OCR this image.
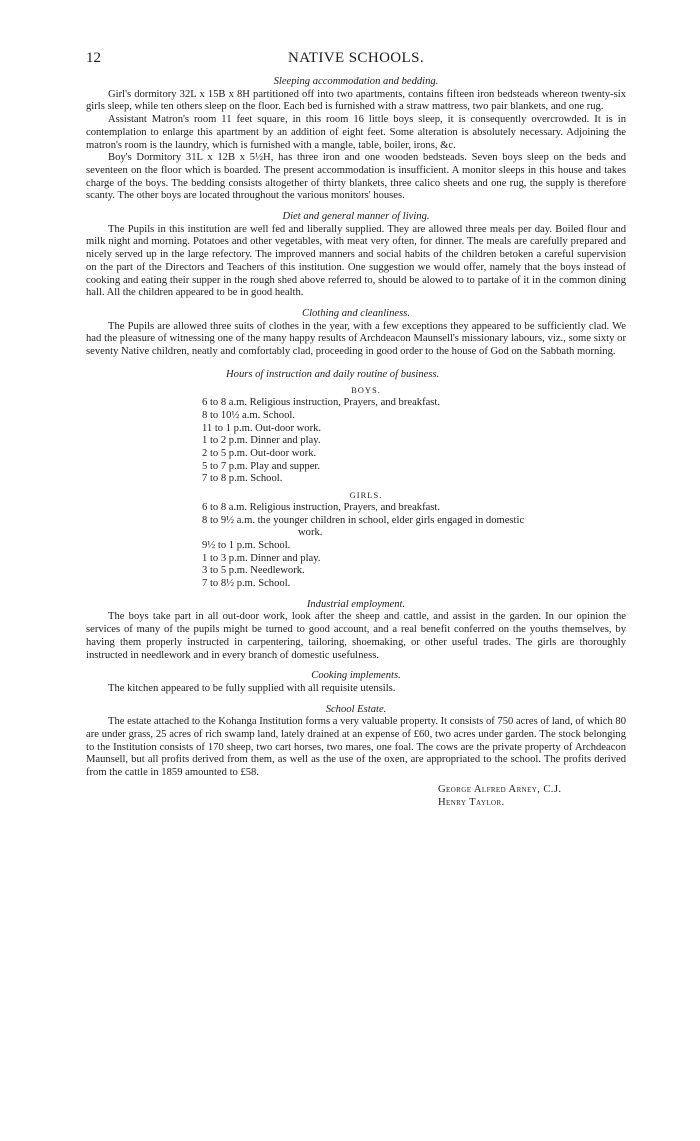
12	NATIVE SCHOOLS.

Sleeping accommodation and bedding.

Girl's dormitory 32L x 15B x 8H partitioned off into two apartments, contains fifteen iron bedsteads whereon twenty-six girls sleep, while ten others sleep on the floor. Each bed is furnished with a straw mattress, two pair blankets, and one rug.

Assistant Matron's room 11 feet square, in this room 16 little boys sleep, it is consequently overcrowded. It is in contemplation to enlarge this apartment by an addition of eight feet. Some alteration is absolutely necessary. Adjoining the matron's room is the laundry, which is furnished with a mangle, table, boiler, irons, &c.

Boy's Dormitory 31L x 12B x 5½H, has three iron and one wooden bedsteads. Seven boys sleep on the beds and seventeen on the floor which is boarded. The present accommodation is insufficient. A monitor sleeps in this house and takes charge of the boys. The bedding consists altogether of thirty blankets, three calico sheets and one rug, the supply is therefore scanty. The other boys are located throughout the various monitors' houses.

Diet and general manner of living.

The Pupils in this institution are well fed and liberally supplied. They are allowed three meals per day. Boiled flour and milk night and morning. Potatoes and other vegetables, with meat very often, for dinner. The meals are carefully prepared and nicely served up in the large refectory. The improved manners and social habits of the children betoken a careful supervision on the part of the Directors and Teachers of this institution. One suggestion we would offer, namely that the boys instead of cooking and eating their supper in the rough shed above referred to, should be alowed to to partake of it in the common dining hall. All the children appeared to be in good health.

Clothing and cleanliness.

The Pupils are allowed three suits of clothes in the year, with a few exceptions they appeared to be sufficiently clad. We had the pleasure of witnessing one of the many happy results of Archdeacon Maunsell's missionary labours, viz., some sixty or seventy Native children, neatly and comfortably clad, proceeding in good order to the house of God on the Sabbath morning.

Hours of instruction and daily routine of business.
BOYS.
6 to 8 a.m. Religious instruction, Prayers, and breakfast.
8 to 10½ a.m. School.
11 to 1 p.m. Out-door work.
1 to 2 p.m. Dinner and play.
2 to 5 p.m. Out-door work.
5 to 7 p.m. Play and supper.
7 to 8 p.m. School.
GIRLS.
6 to 8 a.m. Religious instruction, Prayers, and breakfast.
8 to 9½ a.m. the younger children in school, elder girls engaged in domestic
work.
9½ to 1 p.m. School.
1 to 3 p.m. Dinner and play.
3 to 5 p.m. Needlework.
7 to 8½ p.m. School.

Industrial employment.

The boys take part in all out-door work, look after the sheep and cattle, and assist in the garden. In our opinion the services of many of the pupils might be turned to good account, and a real benefit conferred on the youths themselves, by having them properly instructed in carpentering, tailoring, shoemaking, or other useful trades. The girls are thoroughly instructed in needlework and in every branch of domestic usefulness.

Cooking implements.

The kitchen appeared to be fully supplied with all requisite utensils.

School Estate.

The estate attached to the Kohanga Institution forms a very valuable property. It consists of 750 acres of land, of which 80 are under grass, 25 acres of rich swamp land, lately drained at an expense of £60, two acres under garden. The stock belonging to the Institution consists of 170 sheep, two cart horses, two mares, one foal. The cows are the private property of Archdeacon Maunsell, but all profits derived from them, as well as the use of the oxen, are appropriated to the school. The profits derived from the cattle in 1859 amounted to £58.

George Alfred Arney, C.J.
Henry Taylor.
